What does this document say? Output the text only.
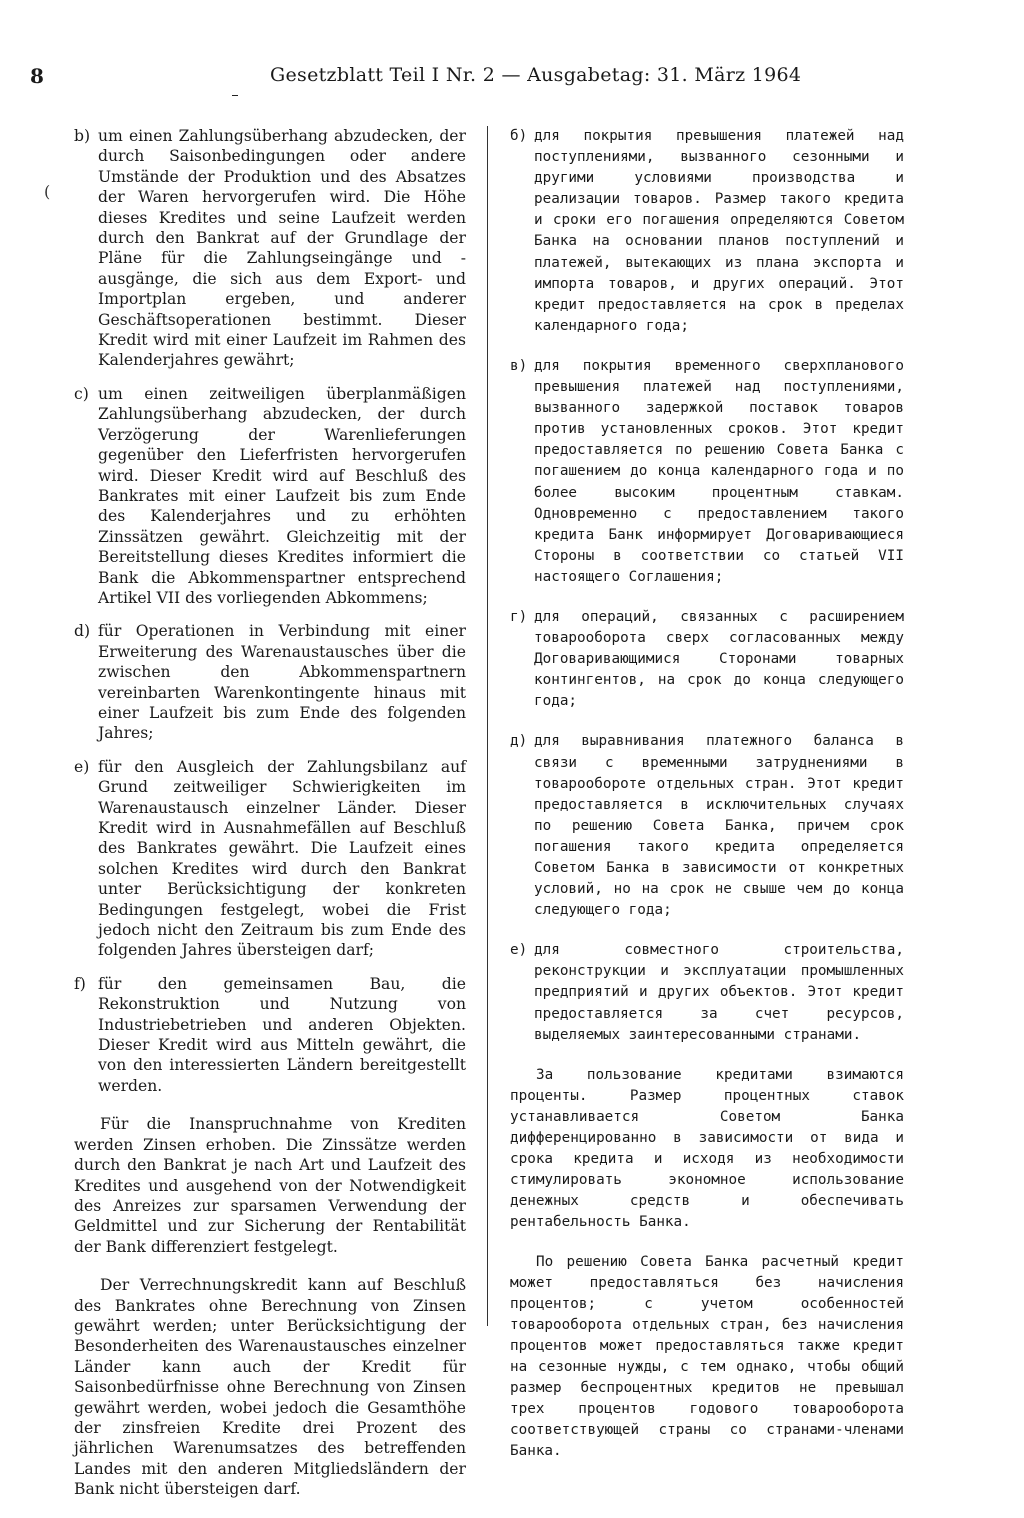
8	Gesetzblatt Teil I Nr. 2 — Ausgabetag: 31. März 1964
(
b) um einen Zahlungsüberhang abzudecken, der durch Saisonbedingungen oder andere Umstände der Produktion und des Absatzes der Waren hervorgerufen wird. Die Höhe dieses Kredites und seine Laufzeit werden durch den Bankrat auf der Grundlage der Pläne für die Zahlungseingänge und -ausgänge, die sich aus dem Export- und Importplan ergeben, und anderer Geschäftsoperationen bestimmt. Dieser Kredit wird mit einer Laufzeit im Rahmen des Kalenderjahres gewährt;
c) um einen zeitweiligen überplanmäßigen Zahlungsüberhang abzudecken, der durch Verzögerung der Warenlieferungen gegenüber den Lieferfristen hervorgerufen wird. Dieser Kredit wird auf Beschluß des Bankrates mit einer Laufzeit bis zum Ende des Kalenderjahres und zu erhöhten Zinssätzen gewährt. Gleichzeitig mit der Bereitstellung dieses Kredites informiert die Bank die Abkommenspartner entsprechend Artikel VII des vorliegenden Abkommens;
d) für Operationen in Verbindung mit einer Erweiterung des Warenaustausches über die zwischen den Abkommenspartnern vereinbarten Warenkontingente hinaus mit einer Laufzeit bis zum Ende des folgenden Jahres;
e) für den Ausgleich der Zahlungsbilanz auf Grund zeitweiliger Schwierigkeiten im Warenaustausch einzelner Länder. Dieser Kredit wird in Ausnahmefällen auf Beschluß des Bankrates gewährt. Die Laufzeit eines solchen Kredites wird durch den Bankrat unter Berücksichtigung der konkreten Bedingungen festgelegt, wobei die Frist jedoch nicht den Zeitraum bis zum Ende des folgenden Jahres übersteigen darf;
f) für den gemeinsamen Bau, die Rekonstruktion und Nutzung von Industriebetrieben und anderen Objekten. Dieser Kredit wird aus Mitteln gewährt, die von den interessierten Ländern bereitgestellt werden.

Für die Inanspruchnahme von Krediten werden Zinsen erhoben. Die Zinssätze werden durch den Bankrat je nach Art und Laufzeit des Kredites und ausgehend von der Notwendigkeit des Anreizes zur sparsamen Verwendung der Geldmittel und zur Sicherung der Rentabilität der Bank differenziert festgelegt.

Der Verrechnungskredit kann auf Beschluß des Bankrates ohne Berechnung von Zinsen gewährt werden; unter Berücksichtigung der Besonderheiten des Warenaustausches einzelner Länder kann auch der Kredit für Saisonbedürfnisse ohne Berechnung von Zinsen gewährt werden, wobei jedoch die Gesamthöhe der zinsfreien Kredite drei Prozent des jährlichen Warenumsatzes des betreffenden Landes mit den anderen Mitgliedsländern der Bank nicht übersteigen darf.

б) для покрытия превышения платежей над поступлениями, вызванного сезонными и другими условиями производства и реализации товаров. Размер такого кредита и сроки его погашения определяются Советом Банка на основании планов поступлений и платежей, вытекающих из плана экспорта и импорта товаров, и других операций. Этот кредит предоставляется на срок в пределах календарного года;
в) для покрытия временного сверхпланового превышения платежей над поступлениями, вызванного задержкой поставок товаров против установленных сроков. Этот кредит предоставляется по решению Совета Банка с погашением до конца календарного года и по более высоким процентным ставкам. Одновременно с предоставлением такого кредита Банк информирует Договаривающиеся Стороны в соответствии со статьей VII настоящего Соглашения;
г) для операций, связанных с расширением товарооборота сверх согласованных между Договаривающимися Сторонами товарных контингентов, на срок до конца следующего года;
д) для выравнивания платежного баланса в связи с временными затруднениями в товарообороте отдельных стран. Этот кредит предоставляется в исключительных случаях по решению Совета Банка, причем срок погашения такого кредита определяется Советом Банка в зависимости от конкретных условий, но на срок не свыше чем до конца следующего года;
е) для совместного строительства, реконструкции и эксплуатации промышленных предприятий и других объектов. Этот кредит предоставляется за счет ресурсов, выделяемых заинтересованными странами.

За пользование кредитами взимаются проценты. Размер процентных ставок устанавливается Советом Банка дифференцированно в зависимости от вида и срока кредита и исходя из необходимости стимулировать экономное использование денежных средств и обеспечивать рентабельность Банка.

По решению Совета Банка расчетный кредит может предоставляться без начисления процентов; с учетом особенностей товарооборота отдельных стран, без начисления процентов может предоставляться также кредит на сезонные нужды, с тем однако, чтобы общий размер беспроцентных кредитов не превышал трех процентов годового товарооборота соответствующей страны со странами-членами Банка.
